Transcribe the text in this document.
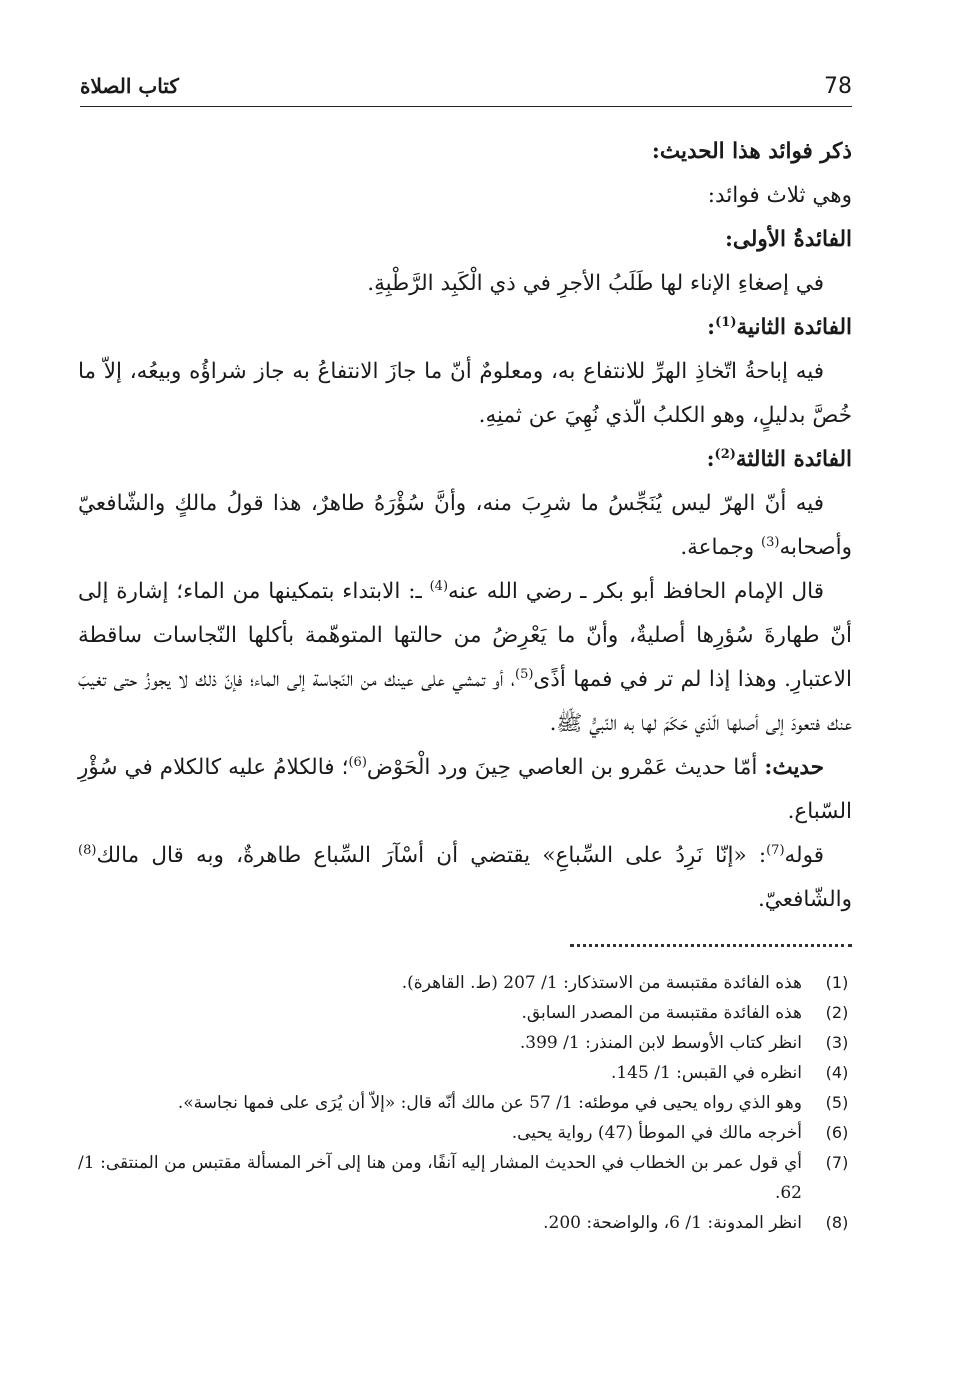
78
كتاب الصلاة

ذكر فوائد هذا الحديث:

وهي ثلاث فوائد:

الفائدةُ الأولى:

في إصغاءِ الإناء لها طَلَبُ الأجرِ في ذي الْكَبِد الرَّطْبِةِ.

الفائدة الثانية$^{(1)}$:

فيه إباحةُ اتّخاذِ الهرِّ للانتفاع به، ومعلومٌ أنّ ما جازَ الانتفاعُ به جاز شراؤُه وبيعُه، إلاّ ما خُصَّ بدليلٍ، وهو الكلبُ الّذي نُهِيَ عن ثمنِهِ.

الفائدة الثالثة$^{(2)}$:

فيه أنّ الهرّ ليس يُنَجِّسُ ما شرِبَ منه، وأنَّ سُؤْرَهُ طاهرٌ، هذا قولُ مالكٍ والشّافعيّ وأصحابه$^{(3)}$ وجماعة.

قال الإمام الحافظ أبو بكر ـ رضي الله عنه$^{(4)}$ ـ: الابتداء بتمكينها من الماء؛ إشارة إلى أنّ طهارةَ سُؤرِها أصليةٌ، وأنّ ما يَعْرِضُ من حالتها المتوهّمة بأكلها النّجاسات ساقطة الاعتبارِ. وهذا إذا لم تر في فمها أذًى$^{(5)}$، أو تمشي على عينك من النّجاسة إلى الماء؛ فإنّ ذلك لا يجوزُ حتى تغيبَ عنك فتعودَ إلى أصلها الّذي حَكَمَ لها به النّبيُّ ﷺ.

حديث: أمّا حديث عَمْرو بن العاصي حِينَ ورد الْحَوْض$^{(6)}$؛ فالكلامُ عليه كالكلام في سُؤْرِ السّباع.

قوله$^{(7)}$: «إنّا نَرِدُ على السِّباعِ» يقتضي أن أسْآرَ السِّباع طاهرةٌ، وبه قال مالك$^{(8)}$ والشّافعيّ.

(1)
هذه الفائدة مقتبسة من الاستذكار: 1/ 207 (ط. القاهرة).
(2)
هذه الفائدة مقتبسة من المصدر السابق.
(3)
انظر كتاب الأوسط لابن المنذر: 1/ 399.
(4)
انظره في القبس: 1/ 145.
(5)
وهو الذي رواه يحيى في موطئه: 1/ 57 عن مالك أنّه قال: «إلاّ أن يُرَى على فمها نجاسة».
(6)
أخرجه مالك في الموطأ (47) رواية يحيى.
(7)
أي قول عمر بن الخطاب في الحديث المشار إليه آنفًا، ومن هنا إلى آخر المسألة مقتبس من المنتقى: 1/ 62.
(8)
انظر المدونة: 1/ 6، والواضحة: 200.
